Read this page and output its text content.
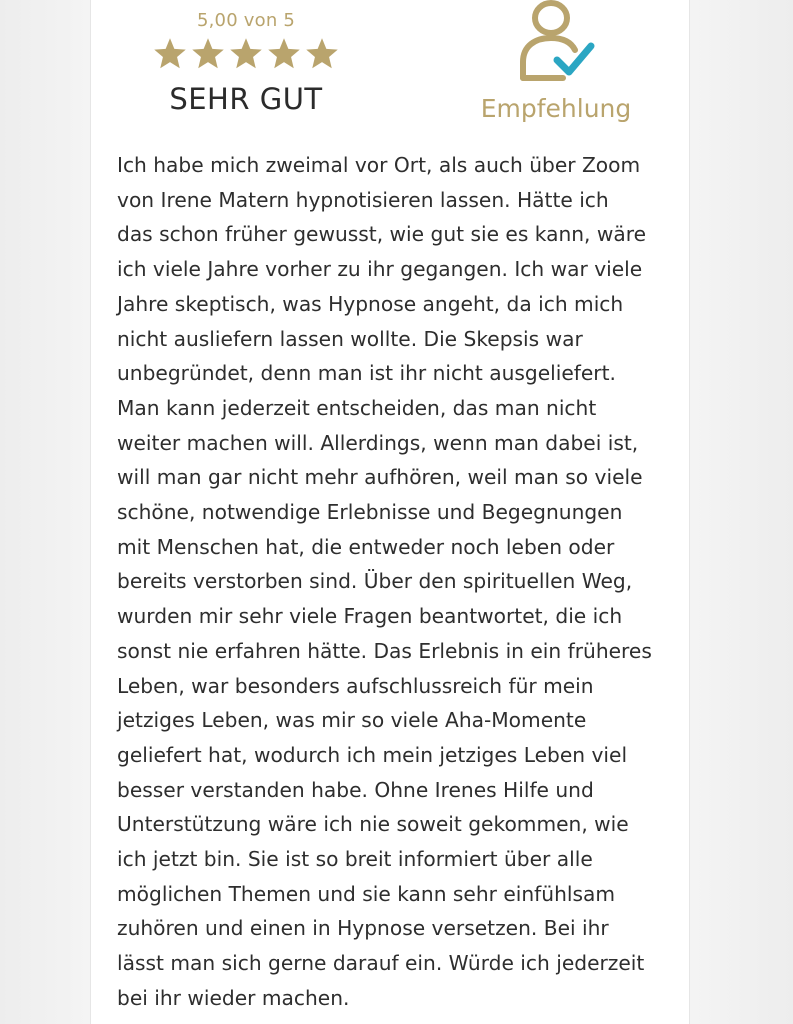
5,00 von 5
SEHR GUT	Empfehlung

Ich habe mich zweimal vor Ort, als auch über Zoom
von Irene Matern hypnotisieren lassen. Hätte ich
das schon früher gewusst, wie gut sie es kann, wäre
ich viele Jahre vorher zu ihr gegangen. Ich war viele
Jahre skeptisch, was Hypnose angeht, da ich mich
nicht ausliefern lassen wollte. Die Skepsis war
unbegründet, denn man ist ihr nicht ausgeliefert.
Man kann jederzeit entscheiden, das man nicht
weiter machen will. Allerdings, wenn man dabei ist,
will man gar nicht mehr aufhören, weil man so viele
schöne, notwendige Erlebnisse und Begegnungen
mit Menschen hat, die entweder noch leben oder
bereits verstorben sind. Über den spirituellen Weg,
wurden mir sehr viele Fragen beantwortet, die ich
sonst nie erfahren hätte. Das Erlebnis in ein früheres
Leben, war besonders aufschlussreich für mein
jetziges Leben, was mir so viele Aha-Momente
geliefert hat, wodurch ich mein jetziges Leben viel
besser verstanden habe. Ohne Irenes Hilfe und
Unterstützung wäre ich nie soweit gekommen, wie
ich jetzt bin. Sie ist so breit informiert über alle
möglichen Themen und sie kann sehr einfühlsam
zuhören und einen in Hypnose versetzen. Bei ihr
lässt man sich gerne darauf ein. Würde ich jederzeit
bei ihr wieder machen.
